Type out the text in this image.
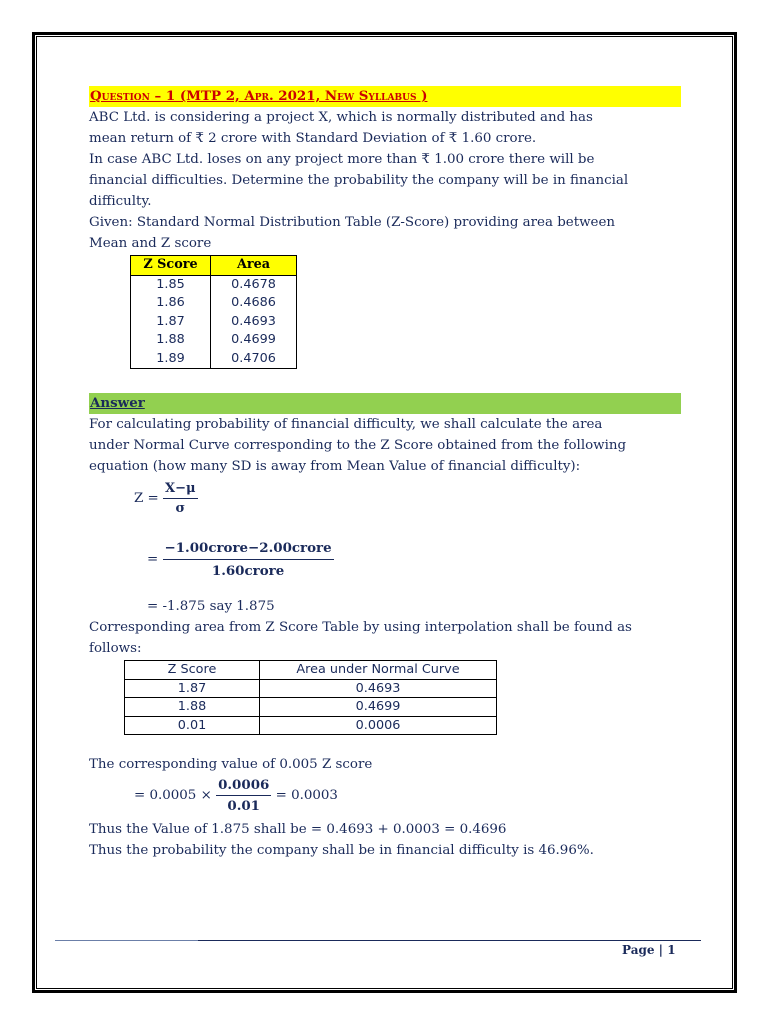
Question – 1 (MTP 2, Apr. 2021, New Syllabus )

ABC Ltd. is considering a project X, which is normally distributed and has

mean return of ₹ 2 crore with Standard Deviation of ₹ 1.60 crore.

In case ABC Ltd. loses on any project more than ₹ 1.00 crore there will be

financial difficulties. Determine the probability the company will be in financial

difficulty.

Given: Standard Normal Distribution Table (Z-Score) providing area between

Mean and Z score

Z Score	Area
1.85	0.4678
1.86	0.4686
1.87	0.4693
1.88	0.4699
1.89	0.4706
Answer

For calculating probability of financial difficulty, we shall calculate the area

under Normal Curve corresponding to the Z Score obtained from the following

equation (how many SD is away from Mean Value of financial difficulty):

$Z = \frac{X-\mu}{\sigma}$
= $\frac{\text{−1.00crore−2.00crore}}{\text{1.60crore}}$
= -1.875 say 1.875

Corresponding area from Z Score Table by using interpolation shall be found as

follows:

Z Score	Area under Normal Curve
1.87	0.4693
1.88	0.4699
0.01	0.0006
The corresponding value of 0.005 Z score
= $0.0005 \times \frac{0.0006}{0.01} = 0.0003$
Thus the Value of 1.875 shall be = 0.4693 + 0.0003 = 0.4696
Thus the probability the company shall be in financial difficulty is 46.96%.
Page | 1
